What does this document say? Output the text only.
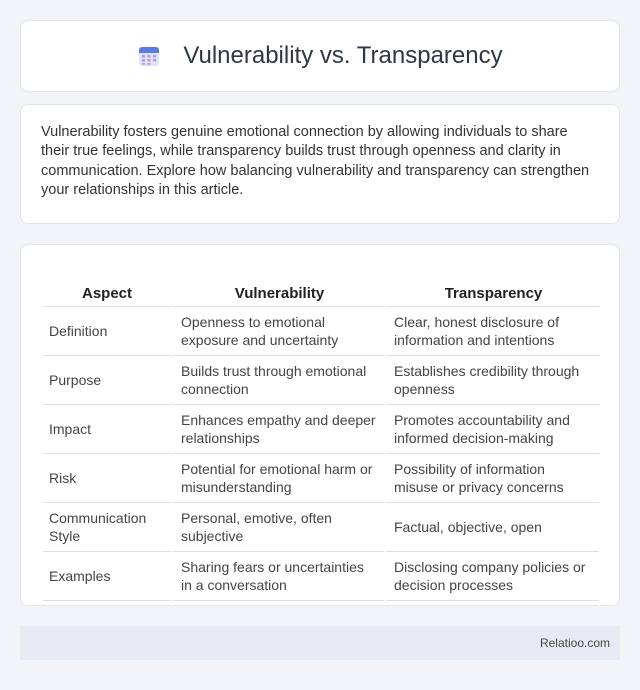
Vulnerability vs. Transparency

Vulnerability fosters genuine emotional connection by allowing individuals to share their true feelings, while transparency builds trust through openness and clarity in communication. Explore how balancing vulnerability and transparency can strengthen your relationships in this article.

Aspect	Vulnerability	Transparency
Definition	Openness to emotional exposure and uncertainty	Clear, honest disclosure of information and intentions
Purpose	Builds trust through emotional connection	Establishes credibility through openness
Impact	Enhances empathy and deeper relationships	Promotes accountability and informed decision-making
Risk	Potential for emotional harm or misunderstanding	Possibility of information misuse or privacy concerns
Communication Style	Personal, emotive, often subjective	Factual, objective, open
Examples	Sharing fears or uncertainties in a conversation	Disclosing company policies or decision processes
Relatioo.com
